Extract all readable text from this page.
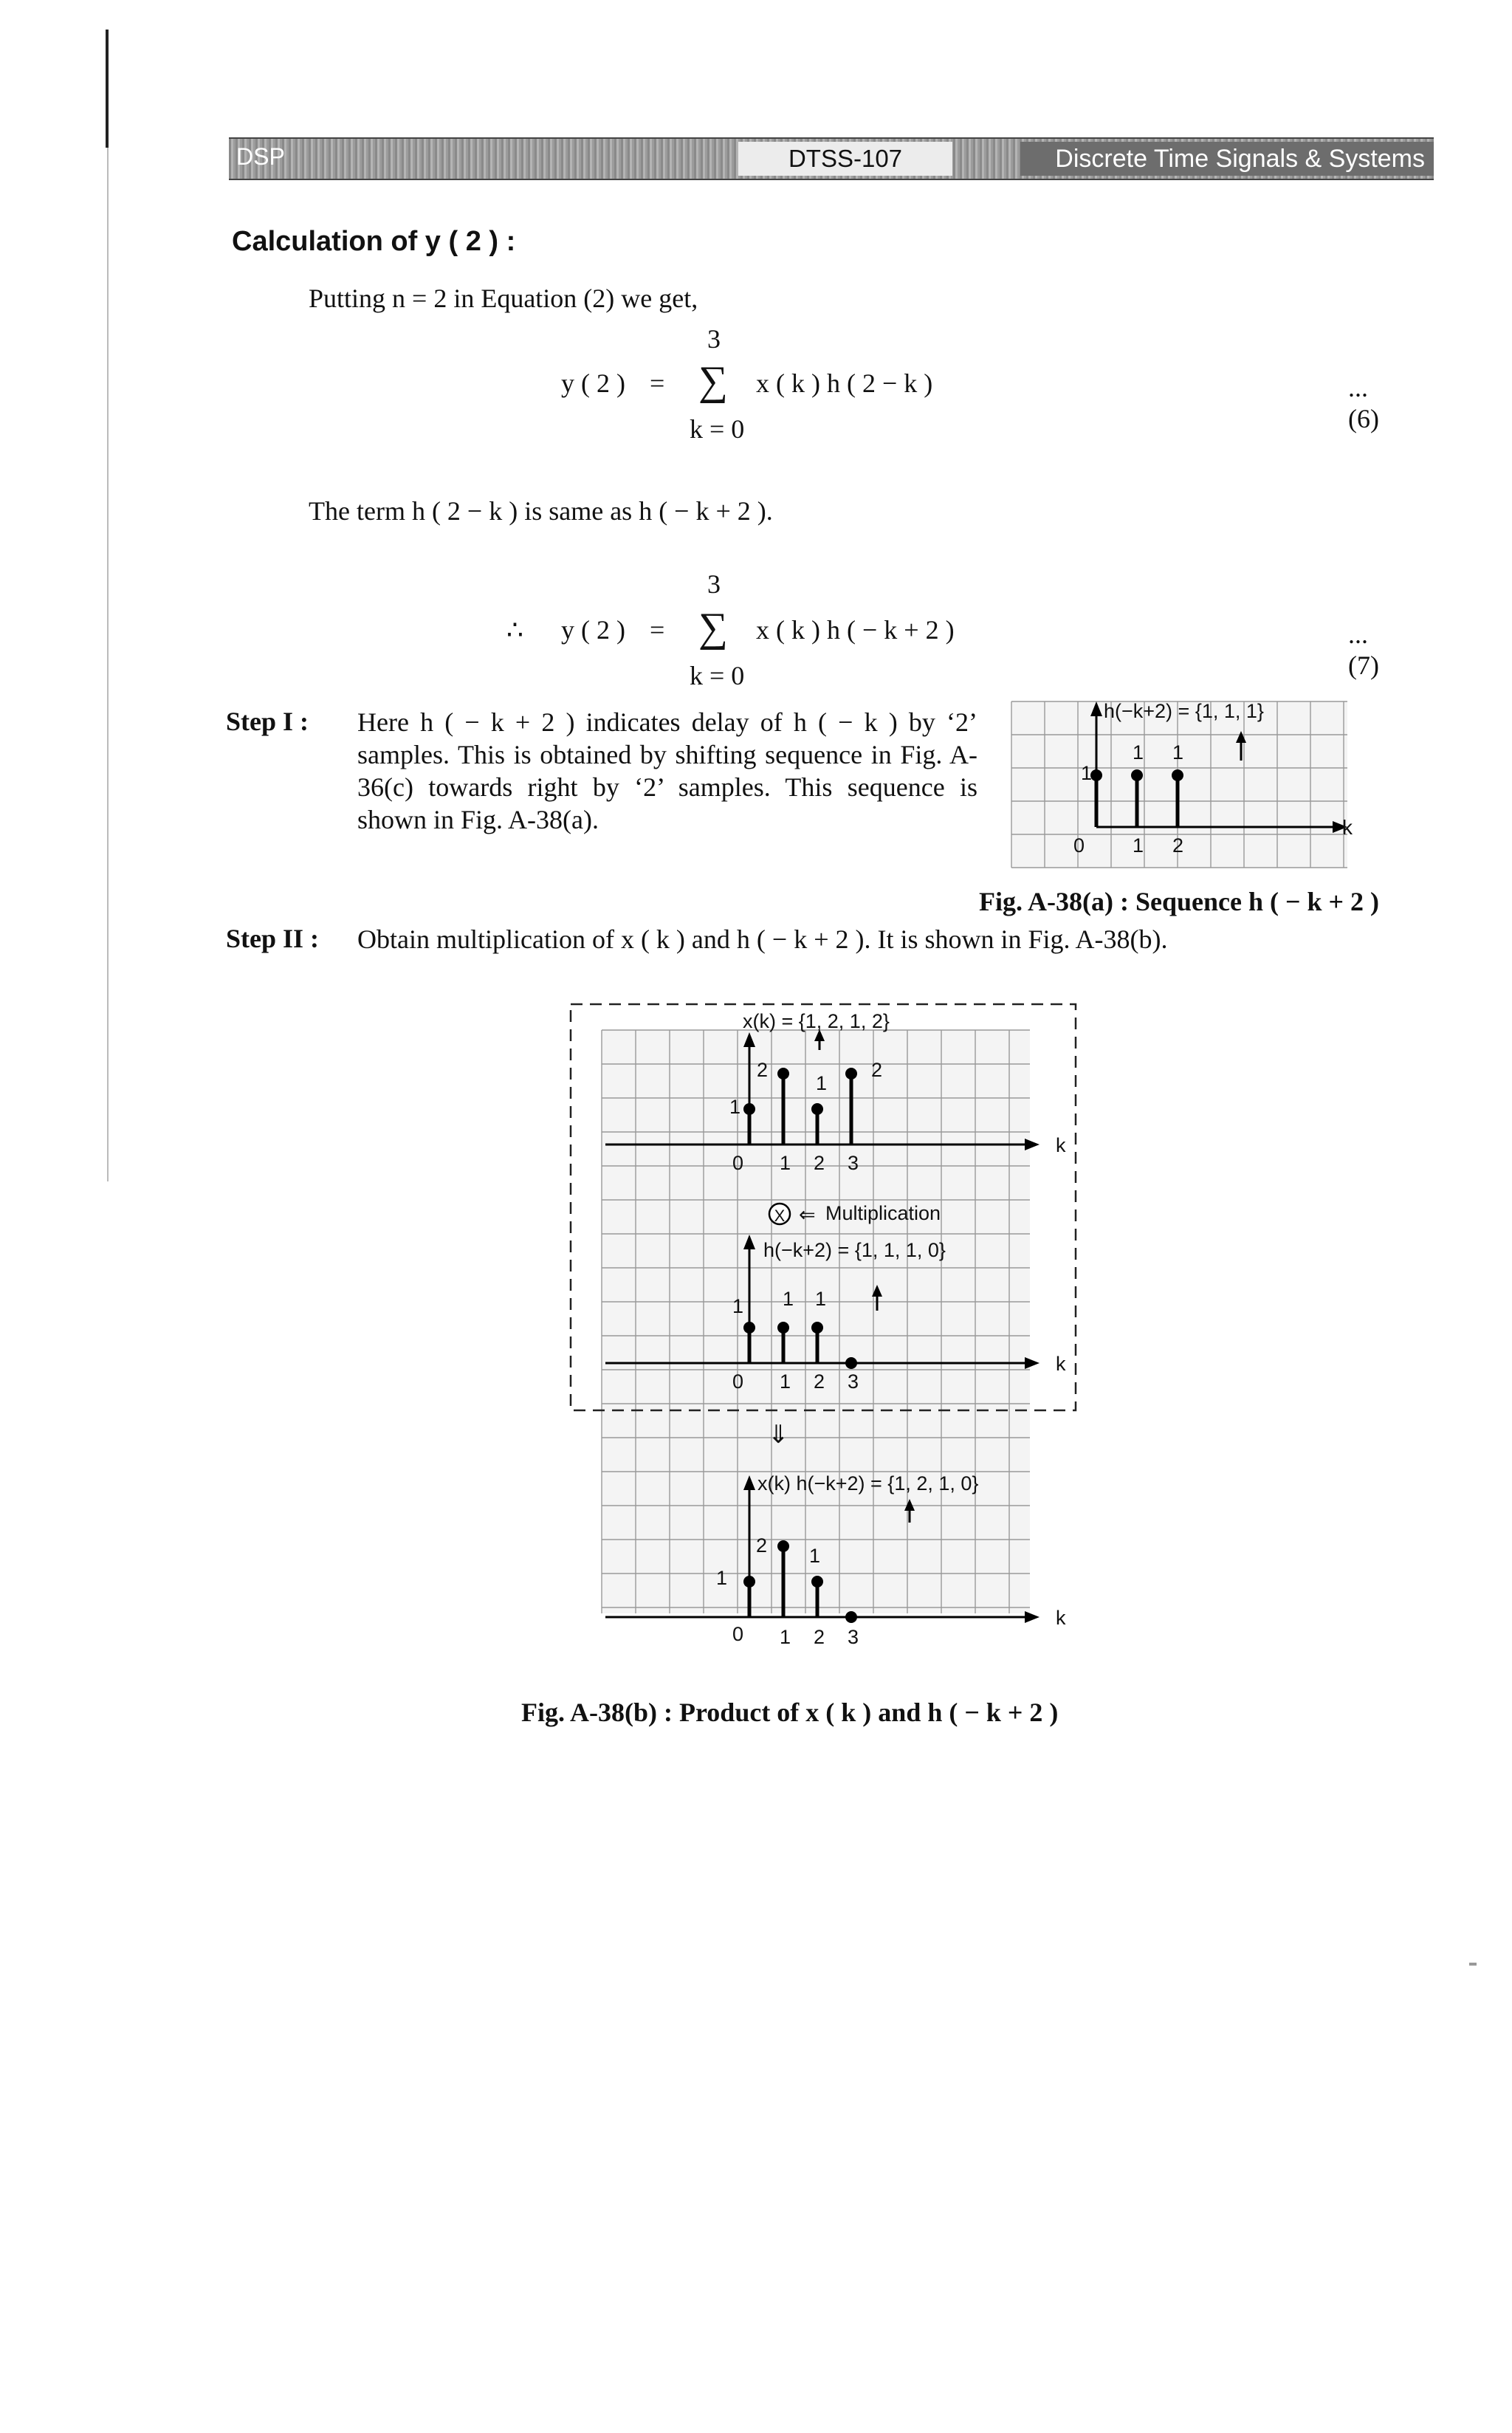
DSP	DTSS-107	Discrete Time Signals & Systems
Calculation of y ( 2 ) :
Putting n = 2 in Equation (2) we get,
3
y ( 2 ) = ∑ x ( k ) h ( 2 − k )
k = 0
...(6)
The term h ( 2 − k ) is same as h ( − k + 2 ).
3
∴ y ( 2 ) = ∑ x ( k ) h ( − k + 2 )
k = 0
...(7)
Step I : Here h ( − k + 2 ) indicates delay of h ( − k ) by ‘2’ samples. This is obtained by shifting sequence in Fig. A-36(c) towards right by ‘2’ samples. This sequence is shown in Fig. A-38(a).
h(−k+2) = {1, 1, 1}
1
1 1
0 1 2
k
Fig. A-38(a) : Sequence h ( − k + 2 )
Step II : Obtain multiplication of x ( k ) and h ( − k + 2 ). It is shown in Fig. A-38(b).
x(k) = {1, 2, 1, 2}
1
2
1
2
0 1 2 3
k
X ⇐ Multiplication
h(−k+2) = {1, 1, 1, 0}
1 1 1
0 1 2 3
k
⇓
x(k) h(−k+2) = {1, 2, 1, 0}
1
2 1
0 1 2 3
k
Fig. A-38(b) : Product of x ( k ) and h ( − k + 2 )
